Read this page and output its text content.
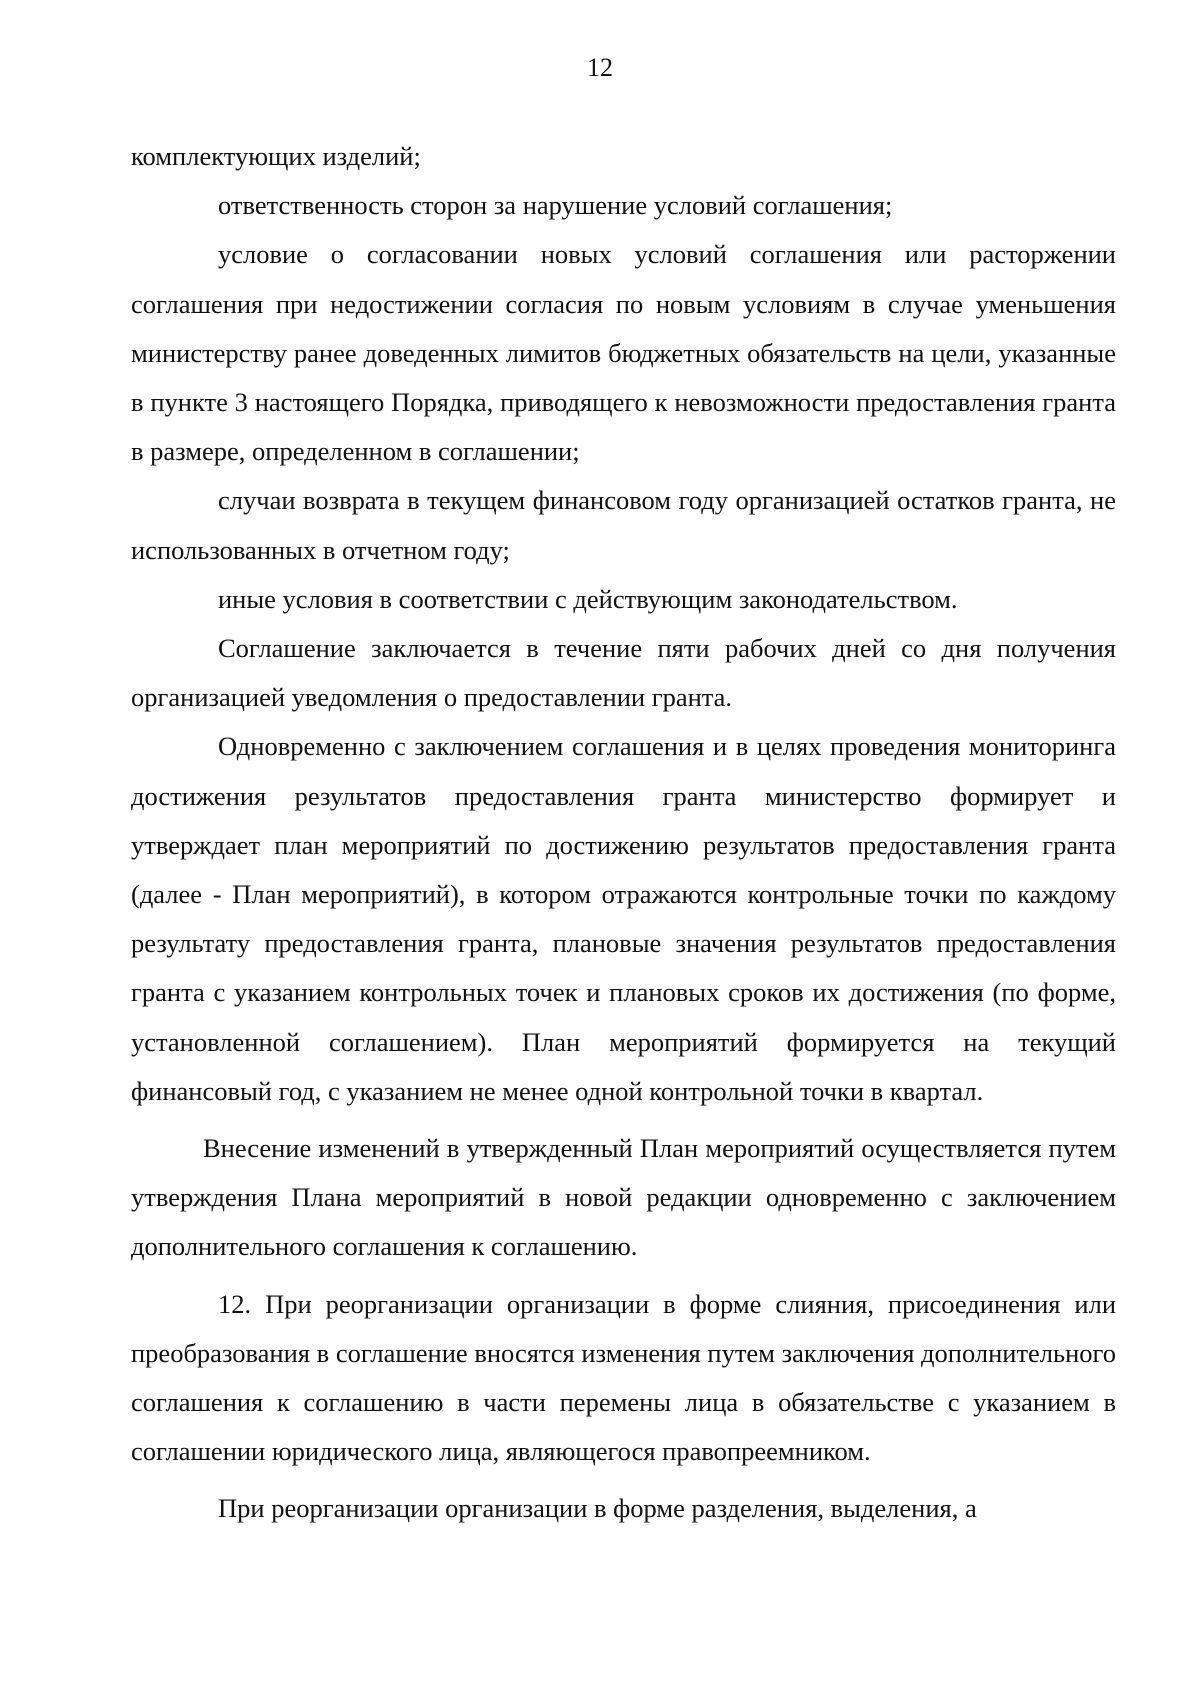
12

комплектующих изделий;

ответственность сторон за нарушение условий соглашения;

условие о согласовании новых условий соглашения или расторжении соглашения при недостижении согласия по новым условиям в случае уменьшения министерству ранее доведенных лимитов бюджетных обязательств на цели, указанные в пункте 3 настоящего Порядка, приводящего к невозможности предоставления гранта в размере, определенном в соглашении;

случаи возврата в текущем финансовом году организацией остатков гранта, не использованных в отчетном году;

иные условия в соответствии с действующим законодательством.

Соглашение заключается в течение пяти рабочих дней со дня получения организацией уведомления о предоставлении гранта.

Одновременно с заключением соглашения и в целях проведения мониторинга достижения результатов предоставления гранта министерство формирует и утверждает план мероприятий по достижению результатов предоставления гранта (далее - План мероприятий), в котором отражаются контрольные точки по каждому результату предоставления гранта, плановые значения результатов предоставления гранта с указанием контрольных точек и плановых сроков их достижения (по форме, установленной соглашением). План мероприятий формируется на текущий финансовый год, с указанием не менее одной контрольной точки в квартал.

Внесение изменений в утвержденный План мероприятий осуществляется путем утверждения Плана мероприятий в новой редакции одновременно с заключением дополнительного соглашения к соглашению.

12. При реорганизации организации в форме слияния, присоединения или преобразования в соглашение вносятся изменения путем заключения дополнительного соглашения к соглашению в части перемены лица в обязательстве с указанием в соглашении юридического лица, являющегося правопреемником.

При реорганизации организации в форме разделения, выделения, а
